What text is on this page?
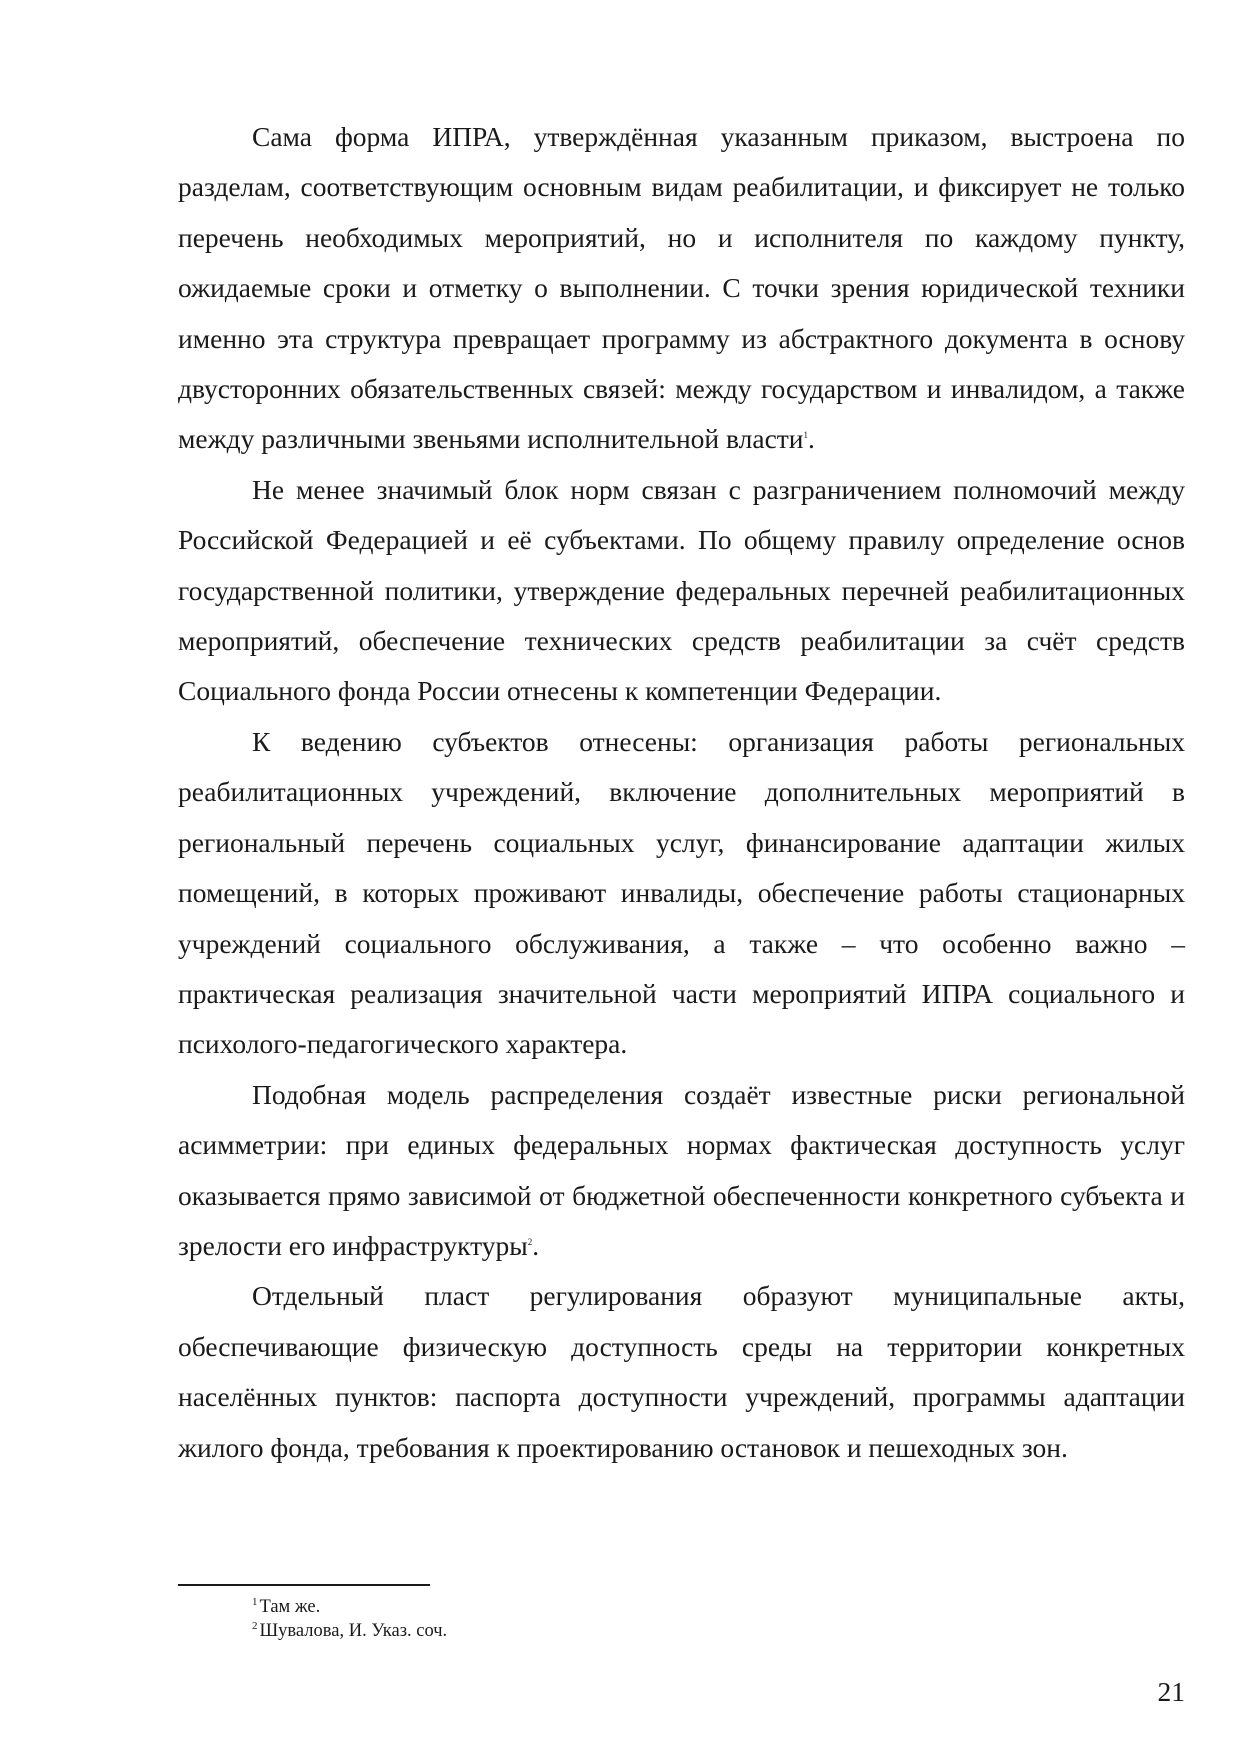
Сама форма ИПРА, утверждённая указанным приказом, выстроена по разделам, соответствующим основным видам реабилитации, и фиксирует не только перечень необходимых мероприятий, но и исполнителя по каждому пункту, ожидаемые сроки и отметку о выполнении. С точки зрения юридической техники именно эта структура превращает программу из абстрактного документа в основу двусторонних обязательственных связей: между государством и инвалидом, а также между различными звеньями исполнительной власти$^1$.

Не менее значимый блок норм связан с разграничением полномочий между Российской Федерацией и её субъектами. По общему правилу определение основ государственной политики, утверждение федеральных перечней реабилитационных мероприятий, обеспечение технических средств реабилитации за счёт средств Социального фонда России отнесены к компетенции Федерации.

К ведению субъектов отнесены: организация работы региональных реабилитационных учреждений, включение дополнительных мероприятий в региональный перечень социальных услуг, финансирование адаптации жилых помещений, в которых проживают инвалиды, обеспечение работы стационарных учреждений социального обслуживания, а также – что особенно важно – практическая реализация значительной части мероприятий ИПРА социального и психолого-педагогического характера.

Подобная модель распределения создаёт известные риски региональной асимметрии: при единых федеральных нормах фактическая доступность услуг оказывается прямо зависимой от бюджетной обеспеченности конкретного субъекта и зрелости его инфраструктуры$^2$.

Отдельный пласт регулирования образуют муниципальные акты, обеспечивающие физическую доступность среды на территории конкретных населённых пунктов: паспорта доступности учреждений, программы адаптации жилого фонда, требования к проектированию остановок и пешеходных зон.

$^1$ Там же.

$^2$ Шувалова, И. Указ. соч.

21
